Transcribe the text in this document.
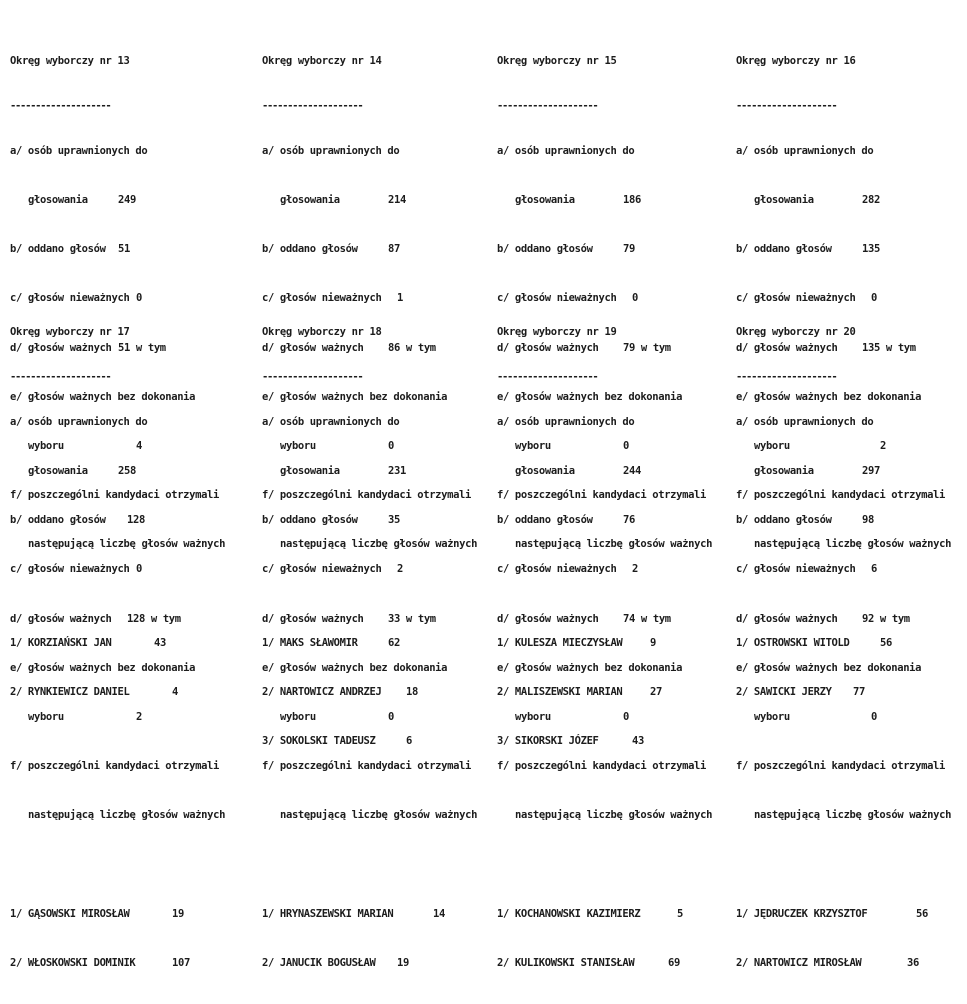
Okręg wyborczy nr 13

--------------------

a/ osób uprawnionych do

głosowania	249

b/ oddano głosów 51

c/ głosów nieważnych 0

d/ głosów ważnych 51 w tym

e/ głosów ważnych bez dokonania

wyboru	4

f/ poszczególni kandydaci otrzymali

następującą liczbę głosów ważnych

1/ KORZIAŃSKI JAN	43

2/ RYNKIEWICZ DANIEL	4

Okręg wyborczy nr 14

--------------------

a/ osób uprawnionych do

głosowania	214

b/ oddano głosów	87

c/ głosów nieważnych 1

d/ głosów ważnych 86 w tym

e/ głosów ważnych bez dokonania

wyboru	0

f/ poszczególni kandydaci otrzymali

następującą liczbę głosów ważnych

1/ MAKS SŁAWOMIR	62

2/ NARTOWICZ ANDRZEJ 18

3/ SOKOLSKI TADEUSZ	6

Okręg wyborczy nr 15

--------------------

a/ osób uprawnionych do

głosowania	186

b/ oddano głosów	79

c/ głosów nieważnych 0

d/ głosów ważnych 79 w tym

e/ głosów ważnych bez dokonania

wyboru	0

f/ poszczególni kandydaci otrzymali

następującą liczbę głosów ważnych

1/ KULESZA MIECZYSŁAW	9

2/ MALISZEWSKI MARIAN	27

3/ SIKORSKI JÓZEF	43

Okręg wyborczy nr 16

--------------------

a/ osób uprawnionych do

głosowania	282

b/ oddano głosów	135

c/ głosów nieważnych 0

d/ głosów ważnych 135 w tym

e/ głosów ważnych bez dokonania

wyboru	2

f/ poszczególni kandydaci otrzymali

następującą liczbę głosów ważnych

1/ OSTROWSKI WITOLD	56

2/ SAWICKI JERZY 77

Okręg wyborczy nr 17

--------------------

a/ osób uprawnionych do

głosowania	258

b/ oddano głosów 128

c/ głosów nieważnych 0

d/ głosów ważnych 128 w tym

e/ głosów ważnych bez dokonania

wyboru	2

f/ poszczególni kandydaci otrzymali

następującą liczbę głosów ważnych

1/ GĄSOWSKI MIROSŁAW	19

2/ WŁOSKOWSKI DOMINIK	107

Okręg wyborczy nr 18

--------------------

a/ osób uprawnionych do

głosowania	231

b/ oddano głosów	35

c/ głosów nieważnych 2

d/ głosów ważnych 33 w tym

e/ głosów ważnych bez dokonania

wyboru	0

f/ poszczególni kandydaci otrzymali

następującą liczbę głosów ważnych

1/ HRYNASZEWSKI MARIAN	14

2/ JANUCIK BOGUSŁAW 19

Okręg wyborczy nr 19

--------------------

a/ osób uprawnionych do

głosowania	244

b/ oddano głosów	76

c/ głosów nieważnych 2

d/ głosów ważnych 74 w tym

e/ głosów ważnych bez dokonania

wyboru	0

f/ poszczególni kandydaci otrzymali

następującą liczbę głosów ważnych

1/ KOCHANOWSKI KAZIMIERZ	5

2/ KULIKOWSKI STANISŁAW	69

Okręg wyborczy nr 20

--------------------

a/ osób uprawnionych do

głosowania	297

b/ oddano głosów	98

c/ głosów nieważnych 6

d/ głosów ważnych 92 w tym

e/ głosów ważnych bez dokonania

wyboru	0

f/ poszczególni kandydaci otrzymali

następującą liczbę głosów ważnych

1/ JĘDRUCZEK KRZYSZTOF	56

2/ NARTOWICZ MIROSŁAW	36
